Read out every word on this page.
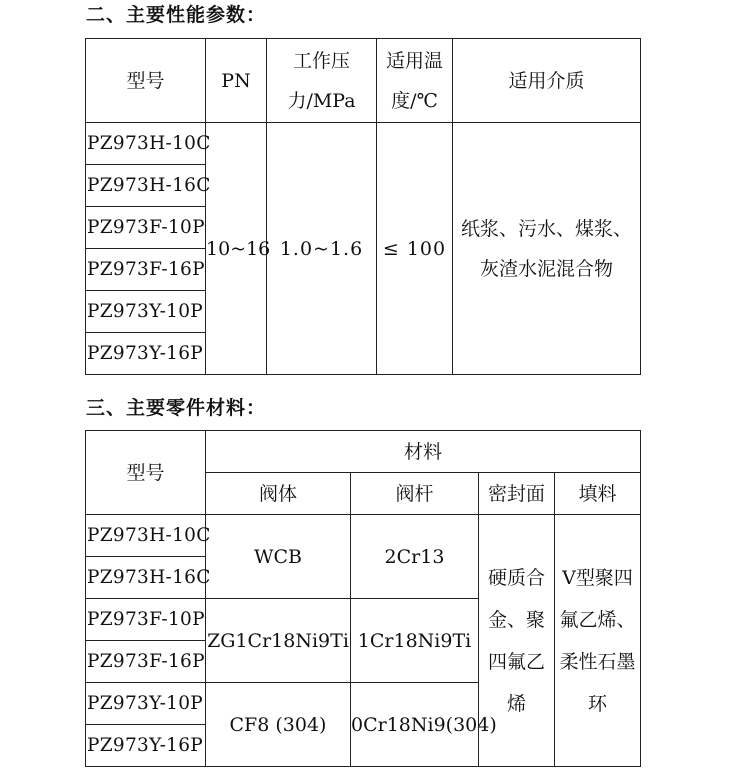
二、主要性能参数：
型号	PN	工作压力/MPa	适用温度/℃	适用介质
PZ973H-10C	10~16	1.0~1.6	≤ 100	纸浆、污水、煤浆、灰渣水泥混合物
PZ973H-16C				
PZ973F-10P				
PZ973F-16P				
PZ973Y-10P				
PZ973Y-16P				
三、主要零件材料：
型号	材料			
	阀体	阀杆	密封面	填料
PZ973H-10C	WCB	2Cr13	硬质合金、聚四氟乙烯	V型聚四氟乙烯、柔性石墨环
PZ973H-16C				
PZ973F-10P	ZG1Cr18Ni9Ti	1Cr18Ni9Ti		
PZ973F-16P				
PZ973Y-10P	CF8 (304)	0Cr18Ni9(304)		
PZ973Y-16P				
